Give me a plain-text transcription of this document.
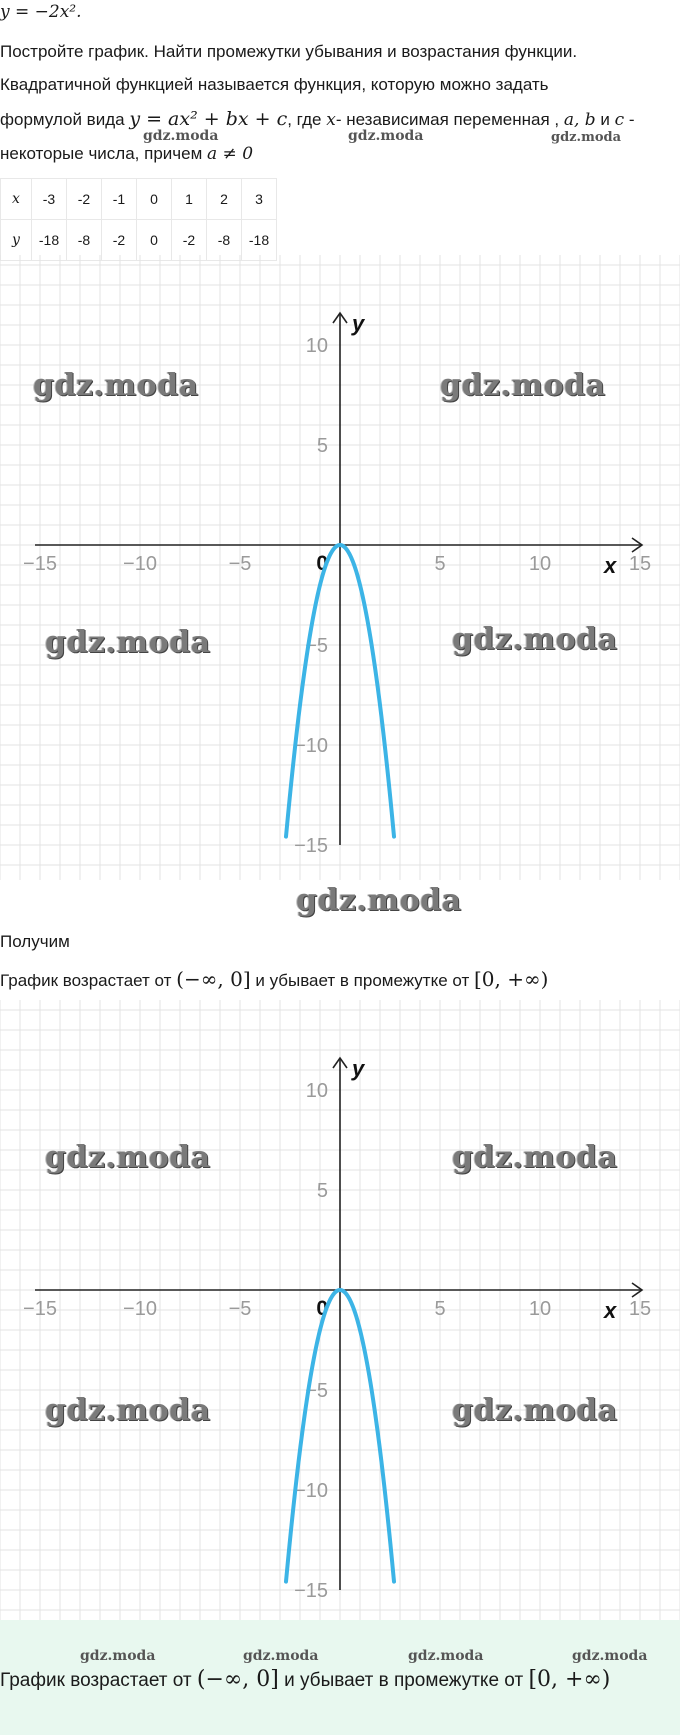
y = −2x².
Постройте график. Найти промежутки убывания и возрастания функции.
Квадратичной функцией называется функция, которую можно задать
формулой вида y = ax² + bx + c, где x- независимая переменная , a, b и c -
некоторые числа, причем a ≠ 0
gdz.moda	gdz.moda	gdz.moda
x	-3	-2	-1	0	1	2	3
y	-18	-8	-2	0	-2	-8	-18
−15	−10	−5	5	10	15
10
5
−5
−10
−15
0	x
y
gdz.moda	gdz.moda
gdz.moda	gdz.moda
gdz.moda
Получим
График возрастает от (−∞, 0] и убывает в промежутке от [0, +∞)
−15	−10	−5	5	10	15
10
5
−5
−10
−15
0	x
y
gdz.moda	gdz.moda
gdz.moda	gdz.moda
gdz.moda	gdz.moda	gdz.moda	gdz.moda
График возрастает от (−∞, 0] и убывает в промежутке от [0, +∞)
